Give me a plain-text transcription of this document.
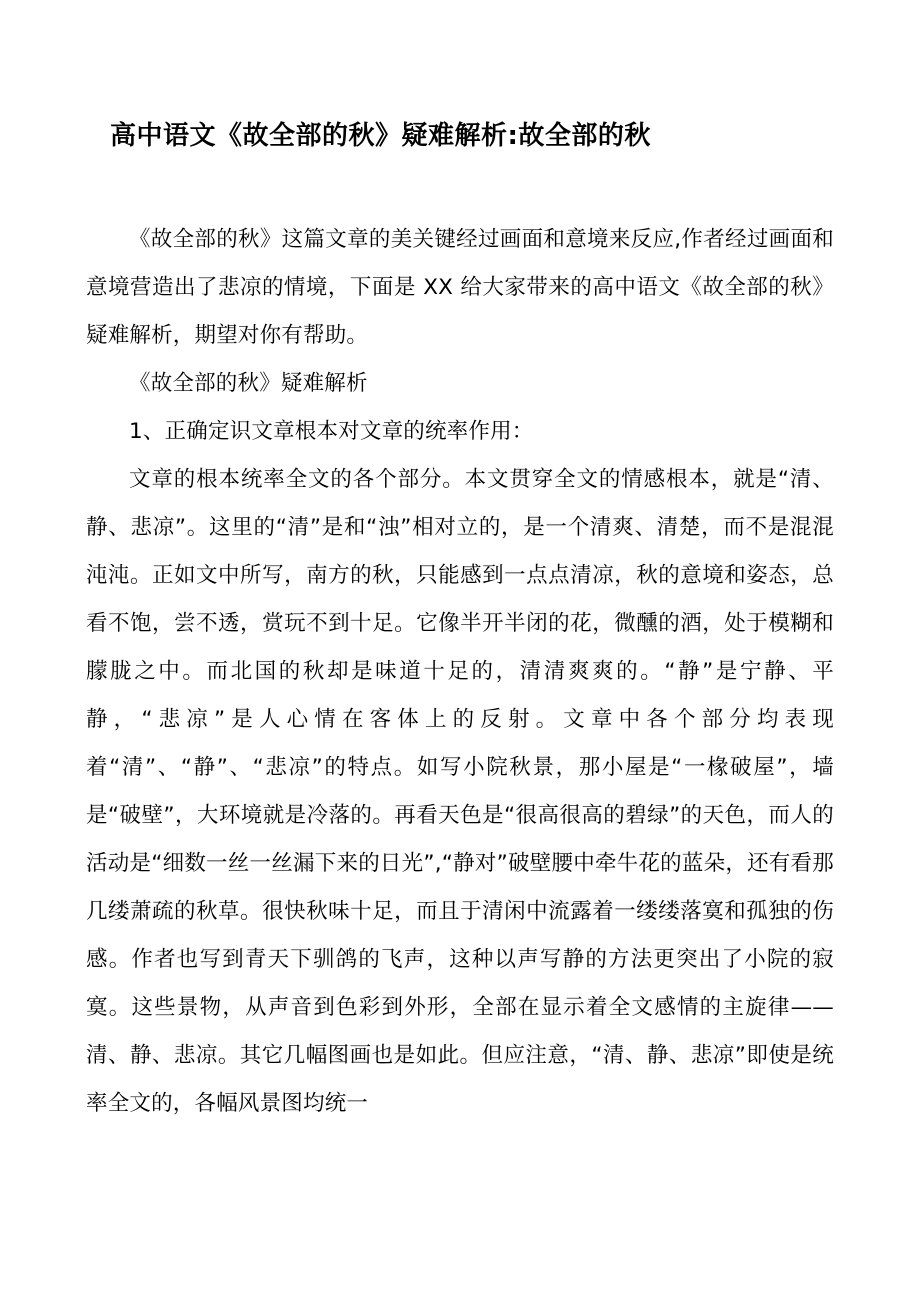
高中语文《故全部的秋》疑难解析:故全部的秋

《故全部的秋》这篇文章的美关键经过画面和意境来反应,作者经过画面和意境营造出了悲凉的情境，下面是 XX 给大家带来的高中语文《故全部的秋》疑难解析，期望对你有帮助。

《故全部的秋》疑难解析

1、正确定识文章根本对文章的统率作用：

文章的根本统率全文的各个部分。本文贯穿全文的情感根本，就是“清、静、悲凉”。这里的“清”是和“浊”相对立的，是一个清爽、清楚，而不是混混沌沌。正如文中所写，南方的秋，只能感到一点点清凉，秋的意境和姿态，总看不饱，尝不透，赏玩不到十足。它像半开半闭的花，微醺的酒，处于模糊和朦胧之中。而北国的秋却是味道十足的，清清爽爽的。“静”是宁静、平静，“悲凉”是人心情在客体上的反射。文章中各个部分均表现着“清”、“静”、“悲凉”的特点。如写小院秋景，那小屋是“一椽破屋”，墙是“破壁”，大环境就是冷落的。再看天色是“很高很高的碧绿”的天色，而人的活动是“细数一丝一丝漏下来的日光”,“静对”破壁腰中牵牛花的蓝朵，还有看那几缕萧疏的秋草。很快秋味十足，而且于清闲中流露着一缕缕落寞和孤独的伤感。作者也写到青天下驯鸽的飞声，这种以声写静的方法更突出了小院的寂寞。这些景物，从声音到色彩到外形，全部在显示着全文感情的主旋律——清、静、悲凉。其它几幅图画也是如此。但应注意，“清、静、悲凉”即使是统率全文的，各幅风景图均统一
